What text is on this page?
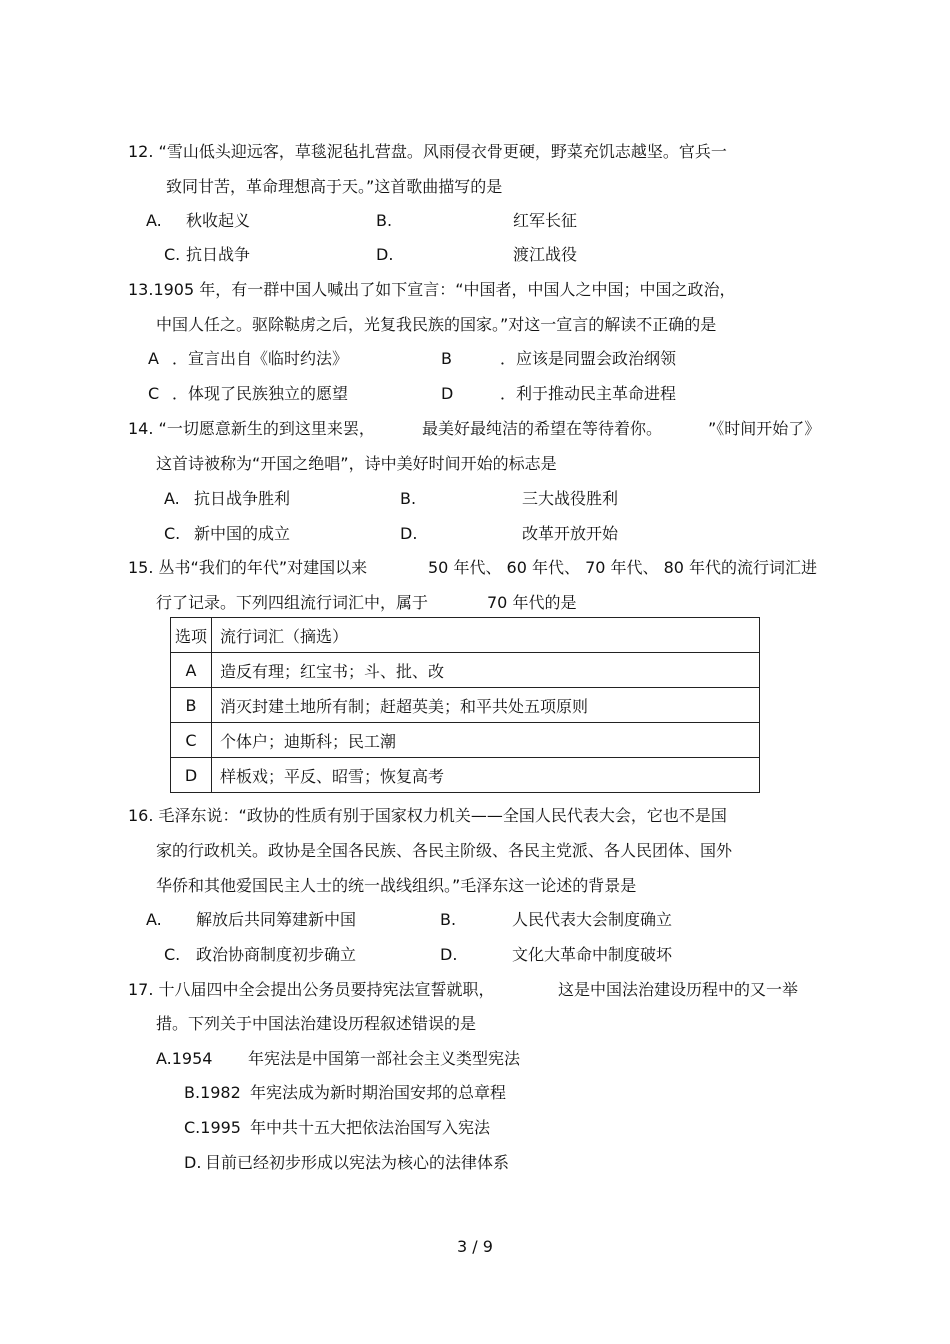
12. “雪山低头迎远客，草毯泥毡扎营盘。风雨侵衣骨更硬，野菜充饥志越坚。官兵一
致同甘苦，革命理想高于天。”这首歌曲描写的是
A. 秋收起义	B.	红军长征
C. 抗日战争	D.	渡江战役
13.1905 年，有一群中国人喊出了如下宣言：“中国者，中国人之中国；中国之政治，
中国人任之。驱除鞑虏之后，光复我民族的国家。”对这一宣言的解读不正确的是
A ．宣言出自《临时约法》	B	．应该是同盟会政治纲领
C ．体现了民族独立的愿望	D	．利于推动民主革命进程
14. “一切愿意新生的到这里来罢，	最美好最纯洁的希望在等待着你。	”《时间开始了》
这首诗被称为“开国之绝唱”，诗中美好时间开始的标志是
A. 抗日战争胜利	B.	三大战役胜利
C. 新中国的成立	D.	改革开放开始
15. 丛书“我们的年代”对建国以来	50 年代、 60 年代、 70 年代、 80 年代的流行词汇进
行了记录。下列四组流行词汇中，属于	70 年代的是
选项	流行词汇（摘选）
A	造反有理；红宝书；斗、批、改
B	消灭封建土地所有制；赶超英美；和平共处五项原则
C	个体户；迪斯科；民工潮
D	样板戏；平反、昭雪；恢复高考
16. 毛泽东说：“政协的性质有别于国家权力机关——全国人民代表大会，它也不是国
家的行政机关。政协是全国各民族、各民主阶级、各民主党派、各人民团体、国外
华侨和其他爱国民主人士的统一战线组织。”毛泽东这一论述的背景是
A. 解放后共同筹建新中国	B.	人民代表大会制度确立
C. 政治协商制度初步确立	D.	文化大革命中制度破坏
17. 十八届四中全会提出公务员要持宪法宣誓就职，	这是中国法治建设历程中的又一举
措。下列关于中国法治建设历程叙述错误的是
A.1954 年宪法是中国第一部社会主义类型宪法
B.1982 年宪法成为新时期治国安邦的总章程
C.1995 年中共十五大把依法治国写入宪法
D. 目前已经初步形成以宪法为核心的法律体系
3 / 9
